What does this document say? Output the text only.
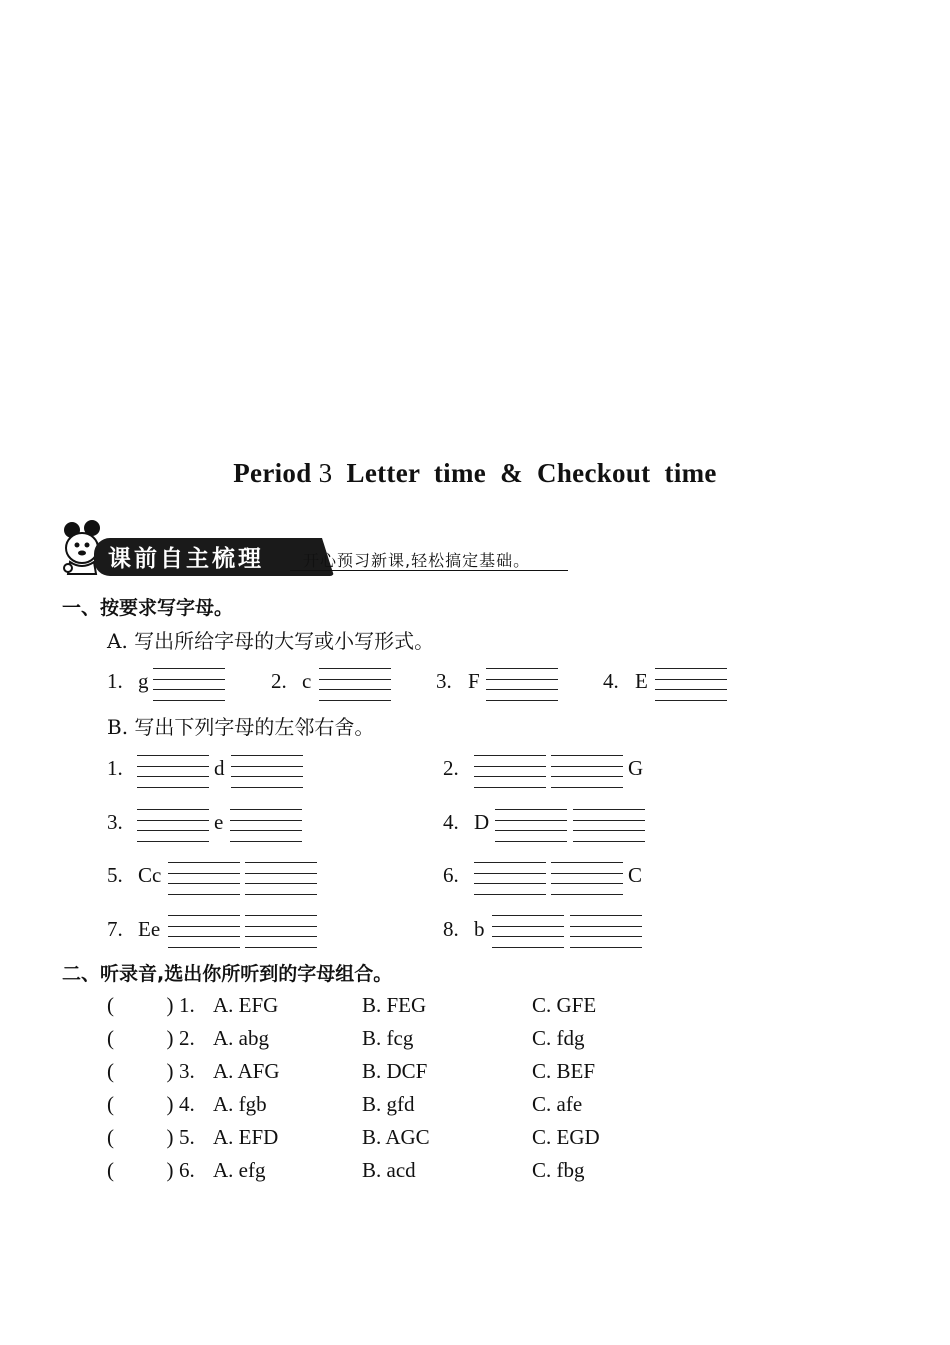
Period 3 Letter  time  &  Checkout  time
课前自主梳理 开心预习新课,轻松搞定基础。
一、按要求写字母。
A. 写出所给字母的大写或小写形式。
1. g	2. c	3. F	4. E
B. 写出下列字母的左邻右舍。
1.	d	2.	G
3.	e	4. D
5. Cc	6.	C
7. Ee	8. b
二、听录音,选出你所听到的字母组合。
(          ) 1. A. EFG	B. FEG	C. GFE
(          ) 2. A. abg	B. fcg	C. fdg
(          ) 3. A. AFG	B. DCF	C. BEF
(          ) 4. A. fgb	B. gfd	C. afe
(          ) 5. A. EFD	B. AGC	C. EGD
(          ) 6. A. efg	B. acd	C. fbg
